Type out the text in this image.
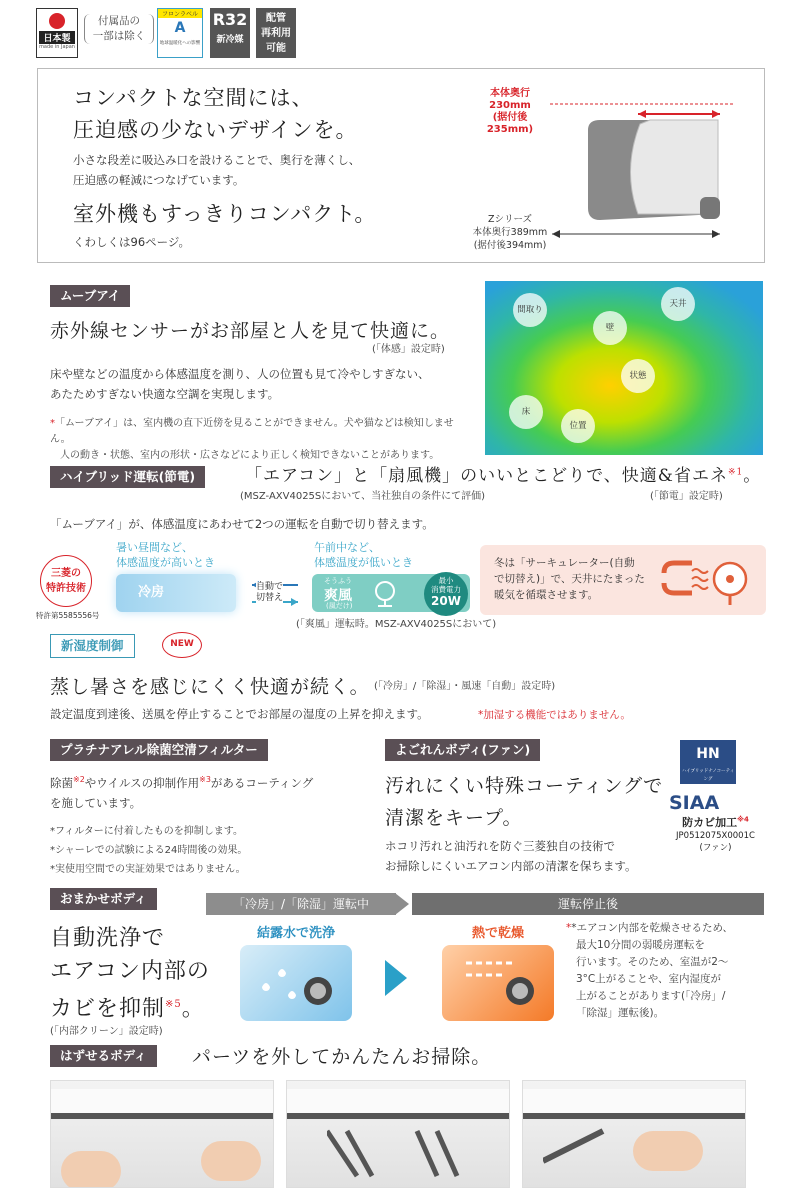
日本製
made in Japan
付属品の
一部は除く
フロンラベル
A
地球温暖化への影響
R32
新冷媒
配管
再利用
可能
コンパクトな空間には、
圧迫感の少ないデザインを。
小さな段差に吸込み口を設けることで、奥行を薄くし、
圧迫感の軽減につなげています。
室外機もすっきりコンパクト。
くわしくは96ページ。
本体奥行
230mm
(据付後235mm)
Zシリーズ
本体奥行389mm
(据付後394mm)
ムーブアイ
赤外線センサーがお部屋と人を見て快適に。
(「体感」設定時)
床や壁などの温度から体感温度を測り、人の位置も見て冷やしすぎない、
あたためすぎない快適な空調を実現します。
*「ムーブアイ」は、室内機の直下近傍を見ることができません。犬や猫などは検知しません。
人の動き・状態、室内の形状・広さなどにより正しく検知できないことがあります。
間取り
壁
天井
状態
床
位置
ハイブリッド運転(節電)	「エアコン」と「扇風機」のいいとこどりで、快適&省エネ$^{※1}$。
(MSZ-AXV4025Sにおいて、当社独自の条件にて評価)	(「節電」設定時)
「ムーブアイ」が、体感温度にあわせて2つの運転を自動で切り替えます。
三菱の
特許技術
特許第5585556号
暑い昼間など、
体感温度が高いとき
冷房	自動で
切替え
午前中など、
体感温度が低いとき
そうふう
爽風
(風だけ)
最小
消費電力
20W
(「爽風」運転時。MSZ-AXV4025Sにおいて)
冬は「サーキュレーター(自動
で切替え)」で、天井にたまった
暖気を循環させます。
新湿度制御	NEW
蒸し暑さを感じにくく快適が続く。 (「冷房」/「除湿」・風速「自動」設定時)
設定温度到達後、送風を停止することでお部屋の湿度の上昇を抑えます。	*加湿する機能ではありません。
プラチナアレル除菌空清フィルター
除菌$^{※2}$やウイルスの抑制作用$^{※3}$があるコーティング
を施しています。
*フィルターに付着したものを抑制します。
*シャーレでの試験による24時間後の効果。
*実使用空間での実証効果ではありません。
よごれんボディ(ファン)
汚れにくい特殊コーティングで
清潔をキープ。
ホコリ汚れと油汚れを防ぐ三菱独自の技術で
お掃除しにくいエアコン内部の清潔を保ちます。
HN
ハイブリッドナノコーティング
SIAA
防カビ加工$^{※4}$
JP0512075X0001C
(ファン)
おまかせボディ
自動洗浄で
エアコン内部の
カビを抑制$^{※5}$。
(「内部クリーン」設定時)
「冷房」/「除湿」運転中	運転停止後
結露水で洗浄	熱で乾燥	**エアコン内部を乾燥させるため、
最大10分間の弱暖房運転を
行います。そのため、室温が2〜
3°C上がることや、室内湿度が
上がることがあります(「冷房」/
「除湿」運転後)。
はずせるボディ	パーツを外してかんたんお掃除。
